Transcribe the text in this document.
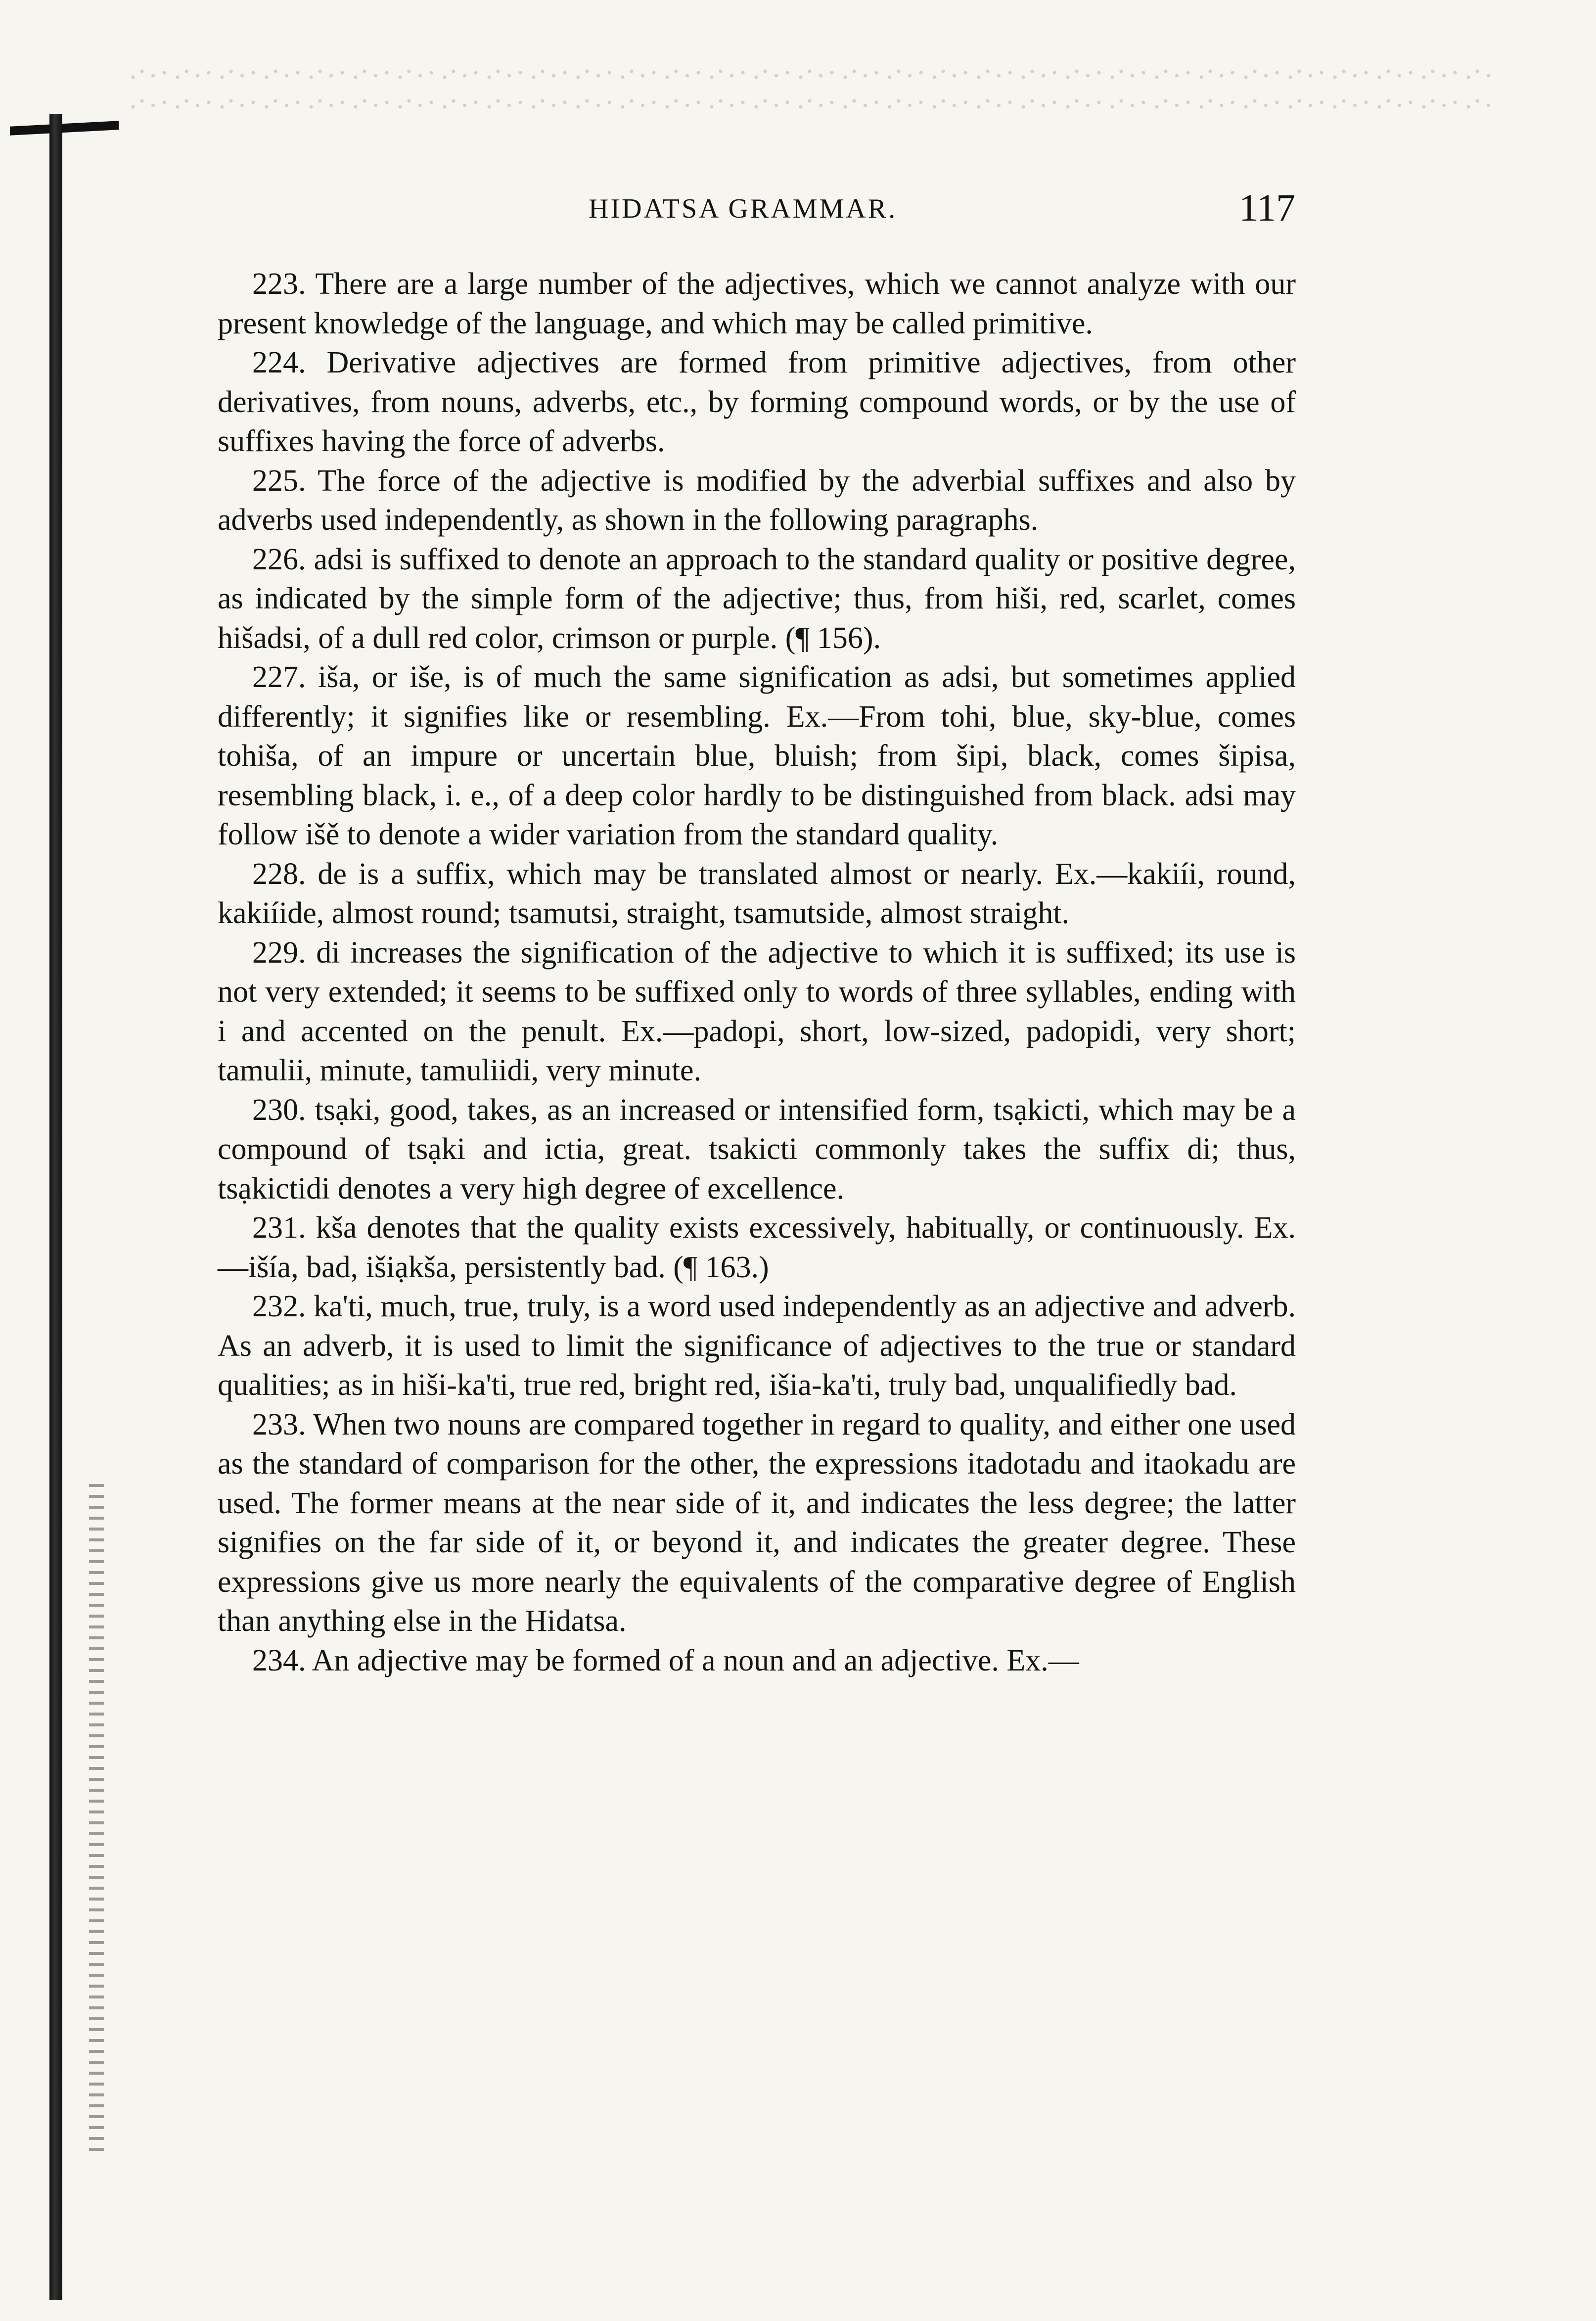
HIDATSA GRAMMAR.	117

223. There are a large number of the adjectives, which we cannot analyze with our present knowledge of the language, and which may be called primitive.

224. Derivative adjectives are formed from primitive adjectives, from other derivatives, from nouns, adverbs, etc., by forming compound words, or by the use of suffixes having the force of adverbs.

225. The force of the adjective is modified by the adverbial suffixes and also by adverbs used independently, as shown in the following paragraphs.

226. adsi is suffixed to denote an approach to the standard quality or positive degree, as indicated by the simple form of the adjective; thus, from hiši, red, scarlet, comes hišadsi, of a dull red color, crimson or purple. (¶ 156).

227. iša, or iše, is of much the same signification as adsi, but sometimes applied differently; it signifies like or resembling. Ex.—From tohi, blue, sky-blue, comes tohiša, of an impure or uncertain blue, bluish; from šipi, black, comes šipisa, resembling black, i. e., of a deep color hardly to be distinguished from black. adsi may follow išě to denote a wider variation from the standard quality.

228. de is a suffix, which may be translated almost or nearly. Ex.—kakiíi, round, kakiíide, almost round; tsamutsi, straight, tsamutside, almost straight.

229. di increases the signification of the adjective to which it is suffixed; its use is not very extended; it seems to be suffixed only to words of three syllables, ending with i and accented on the penult. Ex.—padopi, short, low-sized, padopidi, very short; tamulii, minute, tamuliidi, very minute.

230. tsạki, good, takes, as an increased or intensified form, tsạkicti, which may be a compound of tsạki and ictia, great. tsakicti commonly takes the suffix di; thus, tsạkictidi denotes a very high degree of excellence.

231. kša denotes that the quality exists excessively, habitually, or continuously. Ex.—išía, bad, išiạkša, persistently bad. (¶ 163.)

232. ka'ti, much, true, truly, is a word used independently as an adjective and adverb. As an adverb, it is used to limit the significance of adjectives to the true or standard qualities; as in hiši-ka'ti, true red, bright red, išia-ka'ti, truly bad, unqualifiedly bad.

233. When two nouns are compared together in regard to quality, and either one used as the standard of comparison for the other, the expressions itadotadu and itaokadu are used. The former means at the near side of it, and indicates the less degree; the latter signifies on the far side of it, or beyond it, and indicates the greater degree. These expressions give us more nearly the equivalents of the comparative degree of English than anything else in the Hidatsa.

234. An adjective may be formed of a noun and an adjective. Ex.—
